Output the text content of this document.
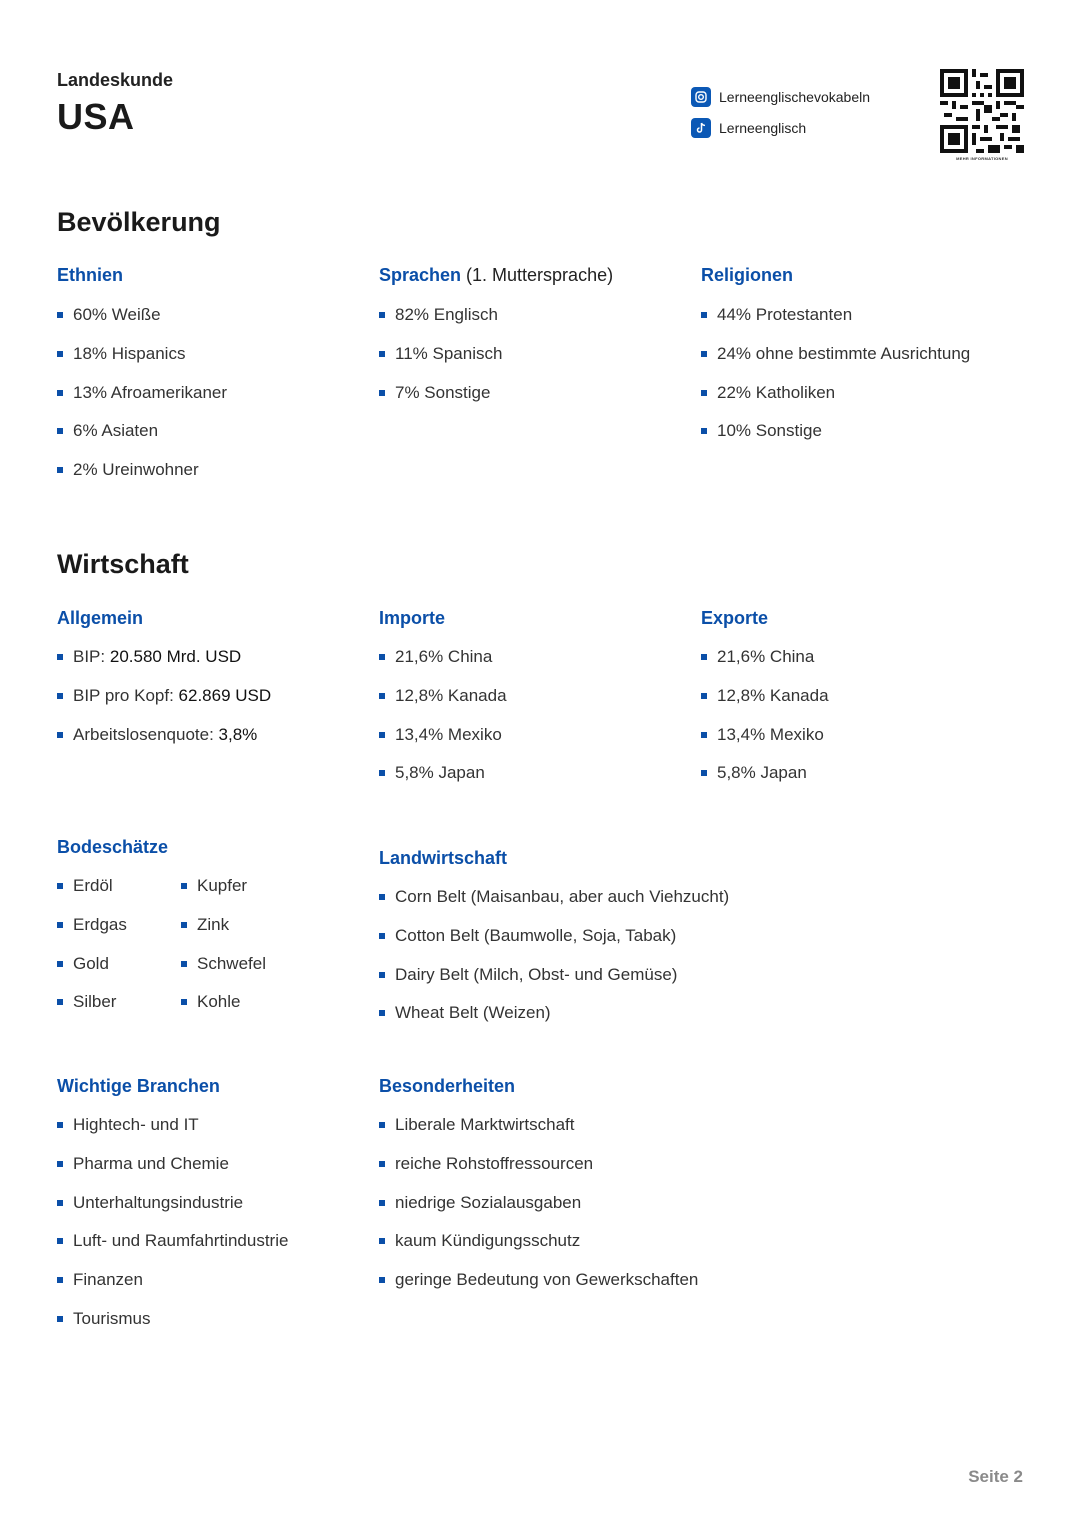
Landeskunde
USA	Lerneenglischevokabeln
Lerneenglisch
MEHR INFORMATIONEN
Bevölkerung
Ethnien
60% Weiße
18% Hispanics
13% Afroamerikaner
6% Asiaten
2% Ureinwohner
Sprachen (1. Muttersprache)
82% Englisch
11% Spanisch
7% Sonstige
Religionen
44% Protestanten
24% ohne bestimmte Ausrichtung
22% Katholiken
10% Sonstige
Wirtschaft
Allgemein
BIP: 20.580 Mrd. USD
BIP pro Kopf: 62.869 USD
Arbeitslosenquote: 3,8%
Importe
21,6% China
12,8% Kanada
13,4% Mexiko
5,8% Japan
Exporte
21,6% China
12,8% Kanada
13,4% Mexiko
5,8% Japan
Bodeschätze
Erdöl
Erdgas
Gold
Silber
Kupfer
Zink
Schwefel
Kohle
Landwirtschaft
Corn Belt (Maisanbau, aber auch Viehzucht)
Cotton Belt (Baumwolle, Soja, Tabak)
Dairy Belt (Milch, Obst- und Gemüse)
Wheat Belt (Weizen)
Wichtige Branchen
Hightech- und IT
Pharma und Chemie
Unterhaltungsindustrie
Luft- und Raumfahrtindustrie
Finanzen
Tourismus
Besonderheiten
Liberale Marktwirtschaft
reiche Rohstoffressourcen
niedrige Sozialausgaben
kaum Kündigungsschutz
geringe Bedeutung von Gewerkschaften
Seite 2
